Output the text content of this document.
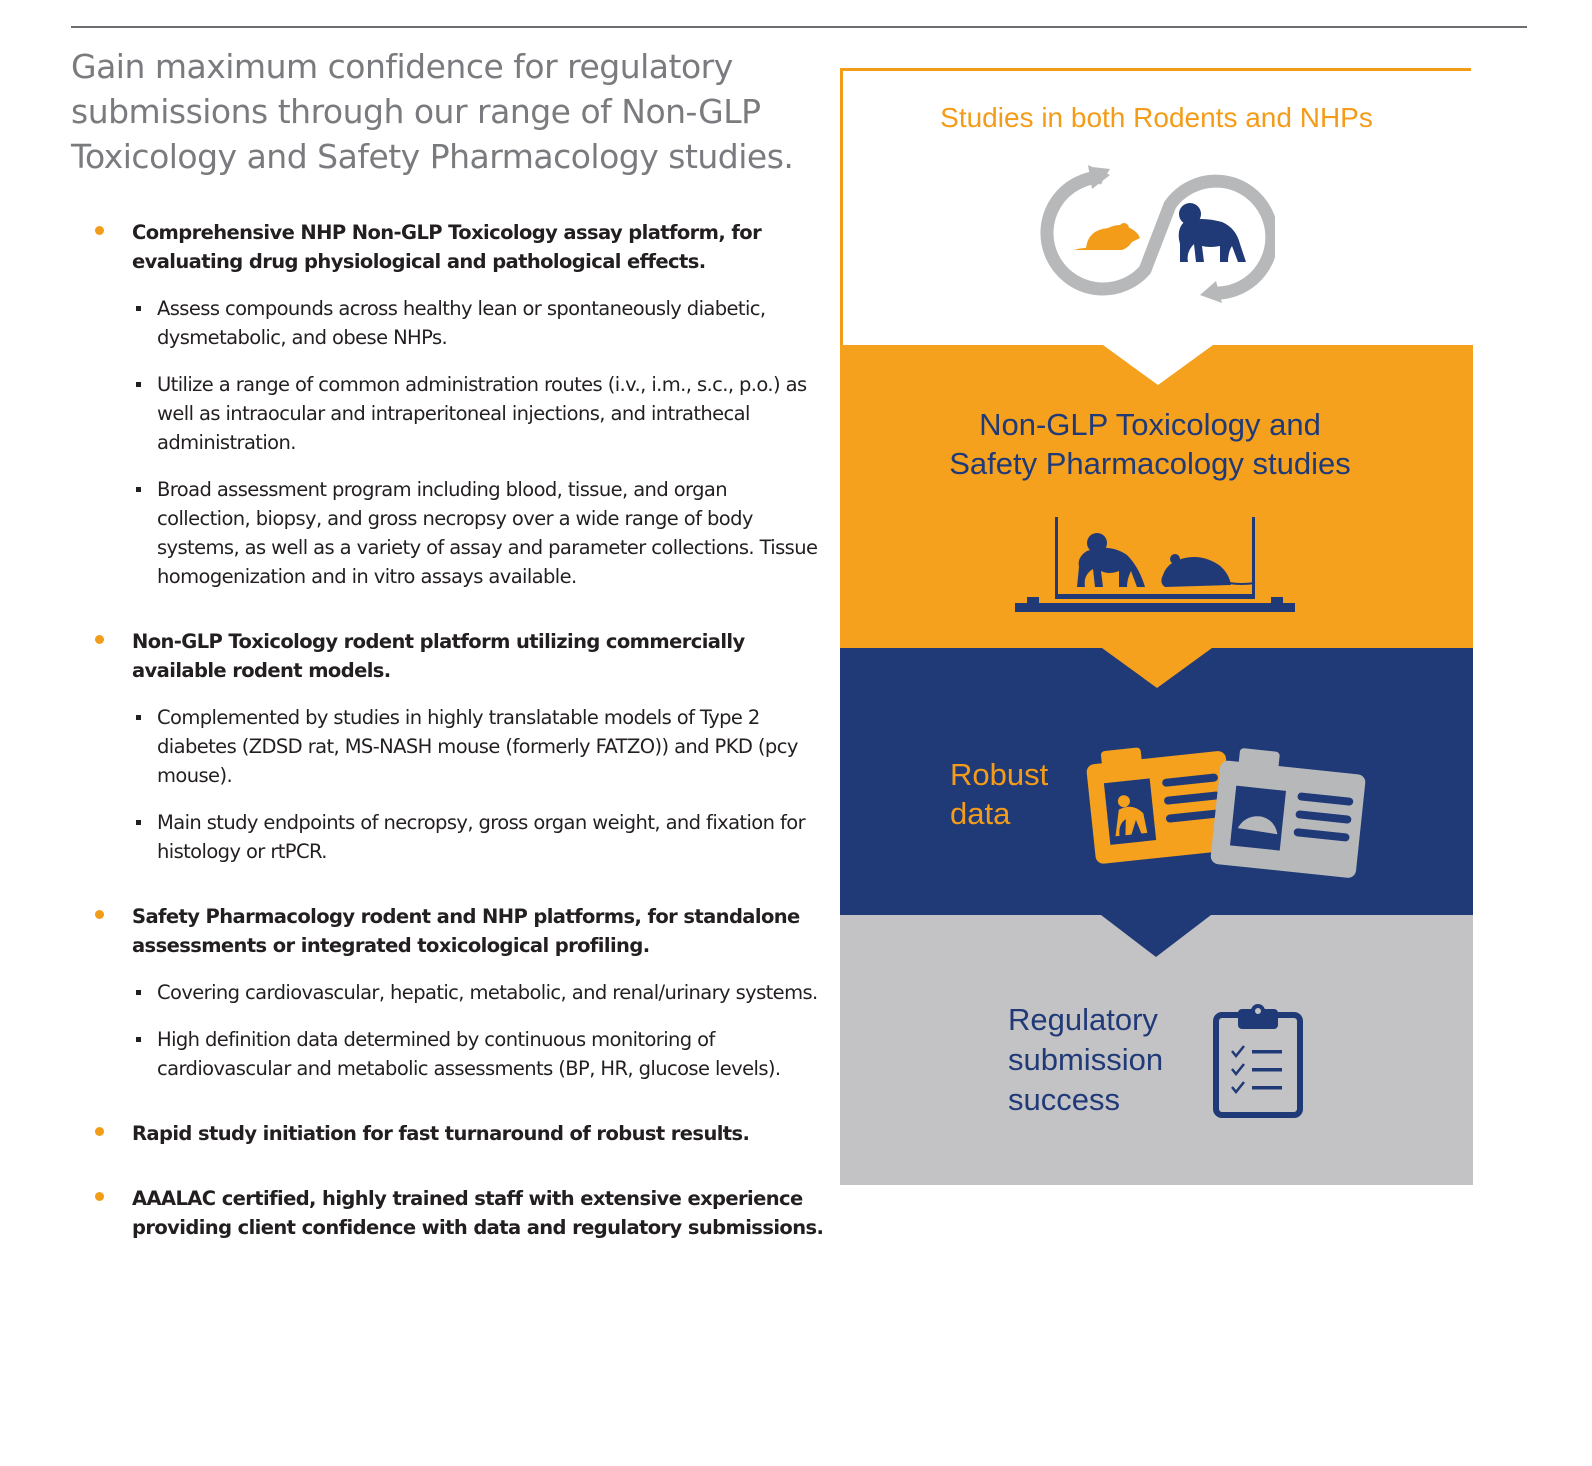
Gain maximum confidence for regulatory submissions through our range of Non-GLP Toxicology and Safety Pharmacology studies.
Comprehensive NHP Non-GLP Toxicology assay platform, for evaluating drug physiological and pathological effects.
Assess compounds across healthy lean or spontaneously diabetic, dysmetabolic, and obese NHPs.
Utilize a range of common administration routes (i.v., i.m., s.c., p.o.) as well as intraocular and intraperitoneal injections, and intrathecal administration.
Broad assessment program including blood, tissue, and organ collection, biopsy, and gross necropsy over a wide range of body systems, as well as a variety of assay and parameter collections. Tissue homogenization and in vitro assays available.
Non-GLP Toxicology rodent platform utilizing commercially available rodent models.
Complemented by studies in highly translatable models of Type 2 diabetes (ZDSD rat, MS-NASH mouse (formerly FATZO)) and PKD (pcy mouse).
Main study endpoints of necropsy, gross organ weight, and fixation for histology or rtPCR.
Safety Pharmacology rodent and NHP platforms, for standalone assessments or integrated toxicological profiling.
Covering cardiovascular, hepatic, metabolic, and renal/urinary systems.
High definition data determined by continuous monitoring of cardiovascular and metabolic assessments (BP, HR, glucose levels).
Rapid study initiation for fast turnaround of robust results.
AAALAC certified, highly trained staff with extensive experience providing client confidence with data and regulatory submissions.
Studies in both Rodents and NHPs
Non-GLP Toxicology and
Safety Pharmacology studies
Robust
data
Regulatory
submission
success
